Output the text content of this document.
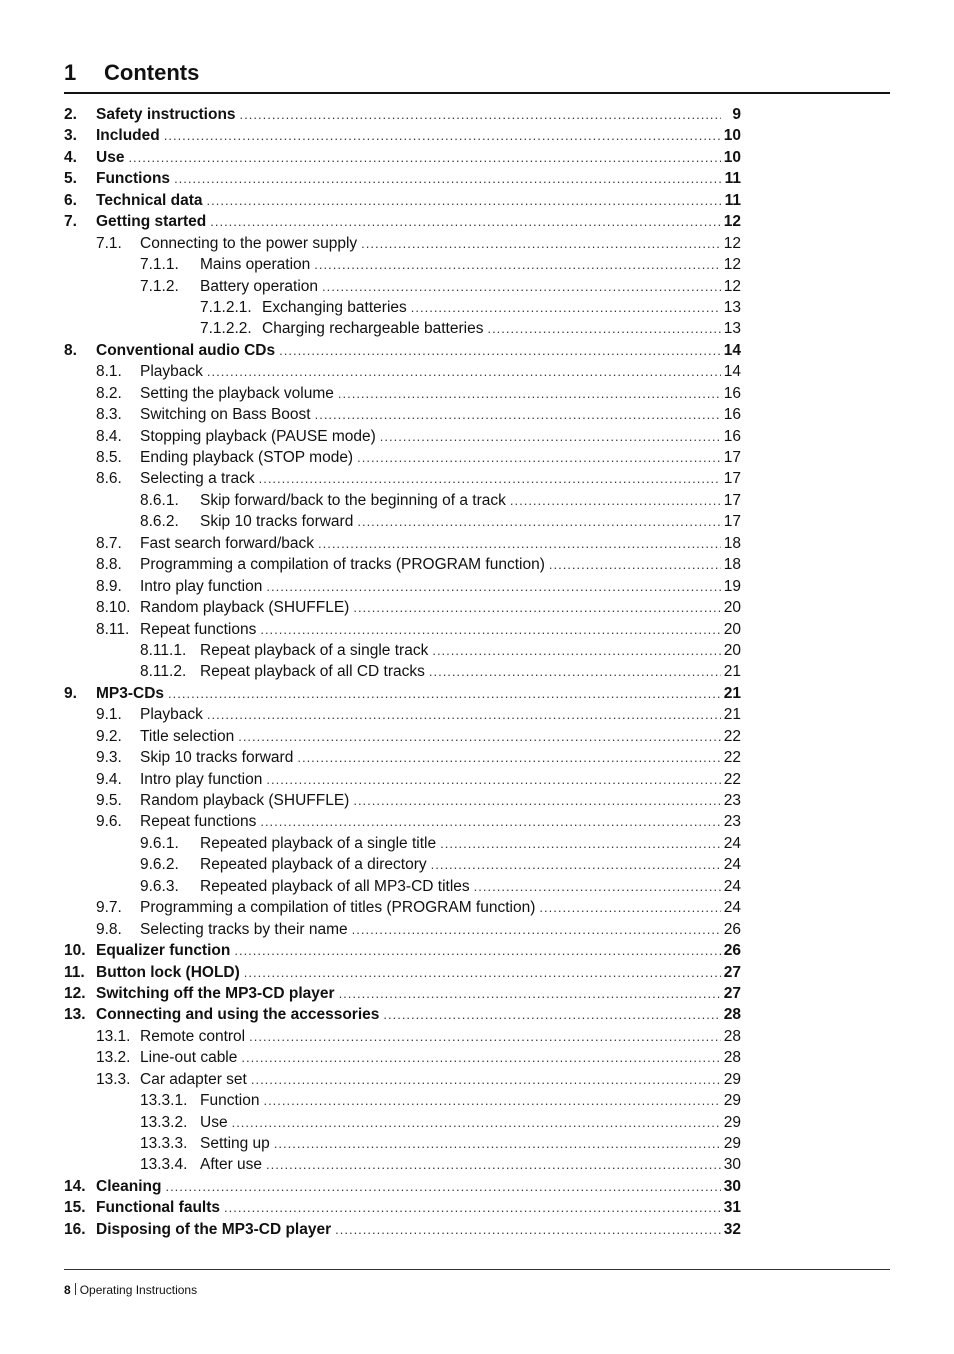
1 Contents
2.	Safety instructions .....	9
3.	Included .....	10
4.	Use .....	10
5.	Functions .....	11
6.	Technical data .....	11
7.	Getting started .....	12
7.1.	Connecting to the power supply .....	12
7.1.1.	Mains operation .....	12
7.1.2.	Battery operation .....	12
7.1.2.1. Exchanging batteries .....	13
7.1.2.2. Charging rechargeable batteries .....	13
8.	Conventional audio CDs .....	14
8.1.	Playback .....	14
8.2.	Setting the playback volume .....	16
8.3.	Switching on Bass Boost .....	16
8.4.	Stopping playback (PAUSE mode) .....	16
8.5.	Ending playback (STOP mode) .....	17
8.6.	Selecting a track .....	17
8.6.1.	Skip forward/back to the beginning of a track .....	17
8.6.2.	Skip 10 tracks forward .....	17
8.7.	Fast search forward/back .....	18
8.8.	Programming a compilation of tracks (PROGRAM function) .....	18
8.9.	Intro play function .....	19
8.10. Random playback (SHUFFLE) .....	20
8.11. Repeat functions .....	20
8.11.1. Repeat playback of a single track .....	20
8.11.2. Repeat playback of all CD tracks .....	21
9.	MP3-CDs .....	21
9.1.	Playback .....	21
9.2.	Title selection .....	22
9.3.	Skip 10 tracks forward .....	22
9.4.	Intro play function .....	22
9.5.	Random playback (SHUFFLE) .....	23
9.6.	Repeat functions .....	23
9.6.1.	Repeated playback of a single title .....	24
9.6.2.	Repeated playback of a directory .....	24
9.6.3.	Repeated playback of all MP3-CD titles .....	24
9.7.	Programming a compilation of titles (PROGRAM function) .....	24
9.8.	Selecting tracks by their name .....	26
10. Equalizer function .....	26
11. Button lock (HOLD) .....	27
12. Switching off the MP3-CD player .....	27
13. Connecting and using the accessories .....	28
13.1. Remote control .....	28
13.2. Line-out cable .....	28
13.3. Car adapter set .....	29
13.3.1. Function .....	29
13.3.2. Use .....	29
13.3.3. Setting up .....	29
13.3.4. After use .....	30
14. Cleaning .....	30
15. Functional faults .....	31
16. Disposing of the MP3-CD player .....	32
8 Operating Instructions
